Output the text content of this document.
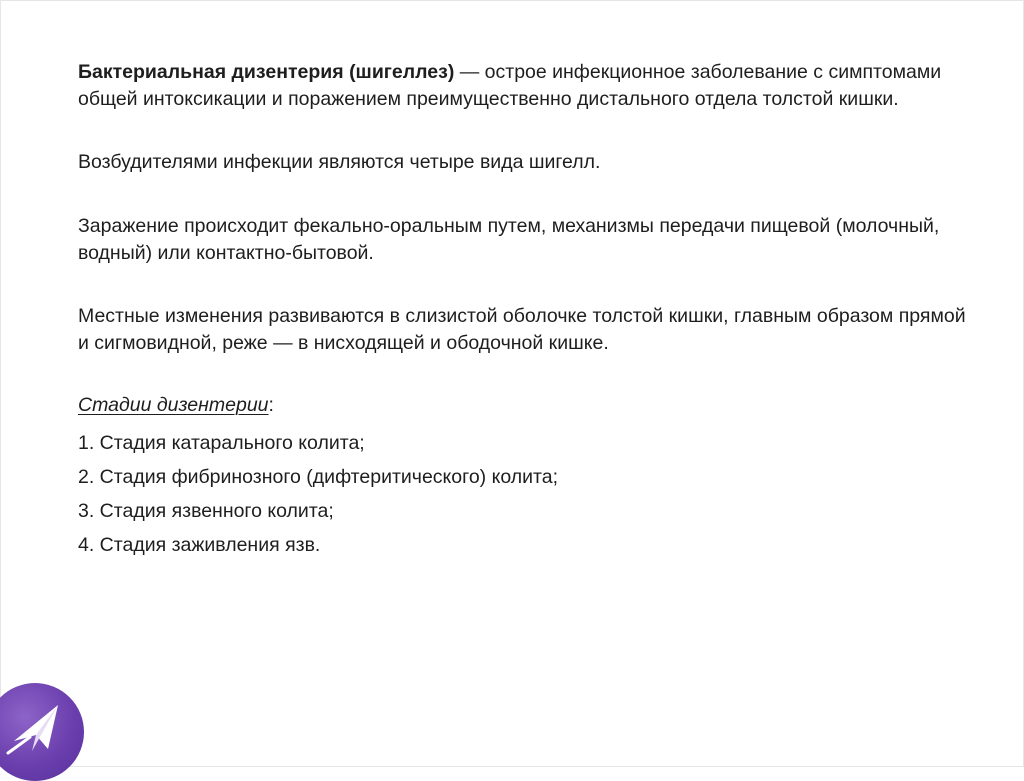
Бактериальная дизентерия (шигеллез) — острое инфекционное заболевание с симптомами общей интоксикации и поражением преимущественно дистального отдела толстой кишки.

Возбудителями инфекции являются четыре вида шигелл.

Заражение происходит фекально-оральным путем, механизмы передачи пищевой (молочный, водный) или контактно-бытовой.

Местные изменения развиваются в слизистой оболочке толстой кишки, главным образом прямой и сигмовидной, реже — в нисходящей и ободочной кишке.

Стадии дизентерии:
1. Стадия катарального колита;
2. Стадия фибринозного (дифтеритического) колита;
3. Стадия язвенного колита;
4. Стадия заживления язв.
